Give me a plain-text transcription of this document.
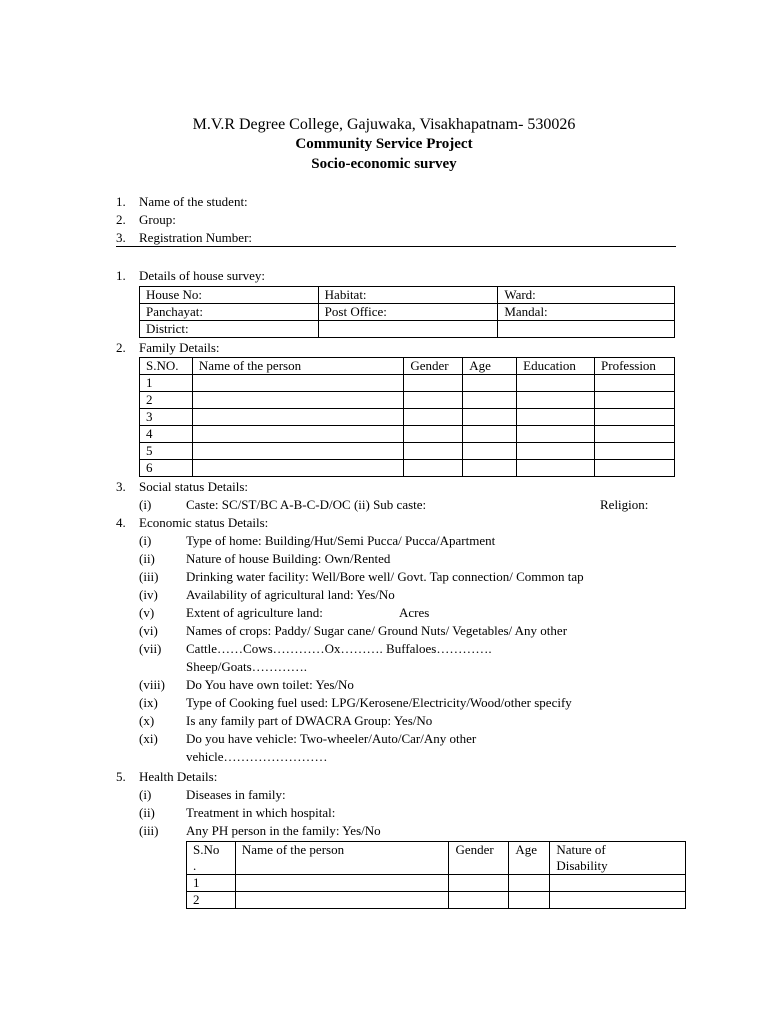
M.V.R Degree College, Gajuwaka, Visakhapatnam- 530026
Community Service Project
Socio-economic survey
1. Name of the student:
2. Group:
3. Registration Number:
1. Details of house survey:
House No:	Habitat:	Ward:
Panchayat:	Post Office:	Mandal:
District:		
2. Family Details:
S.NO.	Name of the person	Gender	Age	Education	Profession
1					
2					
3					
4					
5					
6					
3. Social status Details:
(i)	Caste: SC/ST/BC A-B-C-D/OC (ii) Sub caste:	Religion:
4. Economic status Details:
(i)	Type of home: Building/Hut/Semi Pucca/ Pucca/Apartment
(ii) Nature of house Building: Own/Rented
(iii) Drinking water facility: Well/Bore well/ Govt. Tap connection/ Common tap
(iv) Availability of agricultural land: Yes/No
(v) Extent of agriculture land:	Acres
(vi) Names of crops: Paddy/ Sugar cane/ Ground Nuts/ Vegetables/ Any other
(vii) Cattle……Cows…………Ox………. Buffaloes………….
Sheep/Goats………….
(viii) Do You have own toilet: Yes/No
(ix) Type of Cooking fuel used: LPG/Kerosene/Electricity/Wood/other specify
(x) Is any family part of DWACRA Group: Yes/No
(xi) Do you have vehicle: Two-wheeler/Auto/Car/Any other
vehicle……………………
5. Health Details:
(i)	Diseases in family:
(ii) Treatment in which hospital:
(iii) Any PH person in the family: Yes/No
S.No
.	Name of the person	Gender	Age	Nature of
Disability
1				
2				
